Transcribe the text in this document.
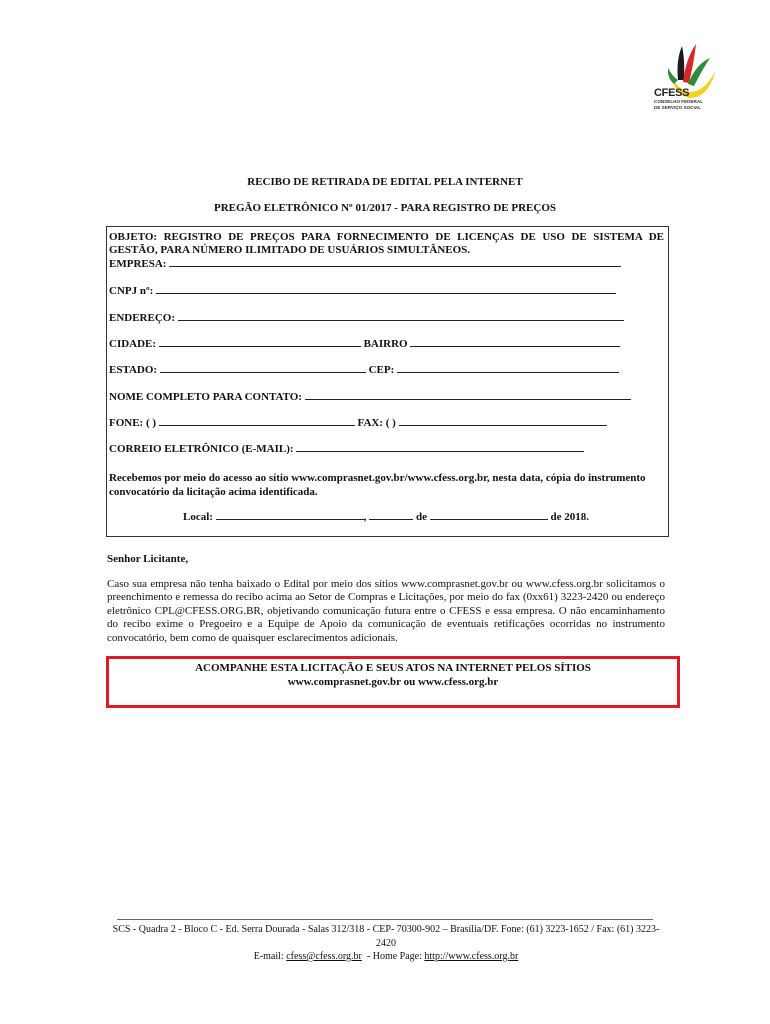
CFESS
CONSELHO FEDERAL DE SERVIÇO SOCIAL
RECIBO DE RETIRADA DE EDITAL PELA INTERNET
PREGÃO ELETRÔNICO Nº 01/2017 - PARA REGISTRO DE PREÇOS
OBJETO: REGISTRO DE PREÇOS PARA FORNECIMENTO DE LICENÇAS DE USO DE SISTEMA DE GESTÃO, PARA NÚMERO ILIMITADO DE USUÁRIOS SIMULTÂNEOS.
EMPRESA:
CNPJ nº:
ENDEREÇO:
CIDADE:	BAIRRO
ESTADO:	CEP:
NOME COMPLETO PARA CONTATO:
FONE: ( )	FAX: ( )
CORREIO ELETRÔNICO (E-MAIL):
Recebemos por meio do acesso ao sítio www.comprasnet.gov.br/www.cfess.org.br, nesta data, cópia do instrumento convocatório da licitação acima identificada.
Local:	,	de	de 2018.
Senhor Licitante,
Caso sua empresa não tenha baixado o Edital por meio dos sítios www.comprasnet.gov.br ou www.cfess.org.br solicitamos o preenchimento e remessa do recibo acima ao Setor de Compras e Licitações, por meio do fax (0xx61) 3223-2420 ou endereço eletrônico CPL@CFESS.ORG.BR, objetivando comunicação futura entre o CFESS e essa empresa. O não encaminhamento do recibo exime o Pregoeiro e a Equipe de Apoio da comunicação de eventuais retificações ocorridas no instrumento convocatório, bem como de quaisquer esclarecimentos adicionais.
ACOMPANHE ESTA LICITAÇÃO E SEUS ATOS NA INTERNET PELOS SÍTIOS
www.comprasnet.gov.br ou www.cfess.org.br
SCS - Quadra 2 - Bloco C - Ed. Serra Dourada - Salas 312/318 - CEP- 70300-902 – Brasília/DF. Fone: (61) 3223-1652 / Fax: (61) 3223-2420
E-mail: cfess@cfess.org.br - Home Page: http://www.cfess.org.br
